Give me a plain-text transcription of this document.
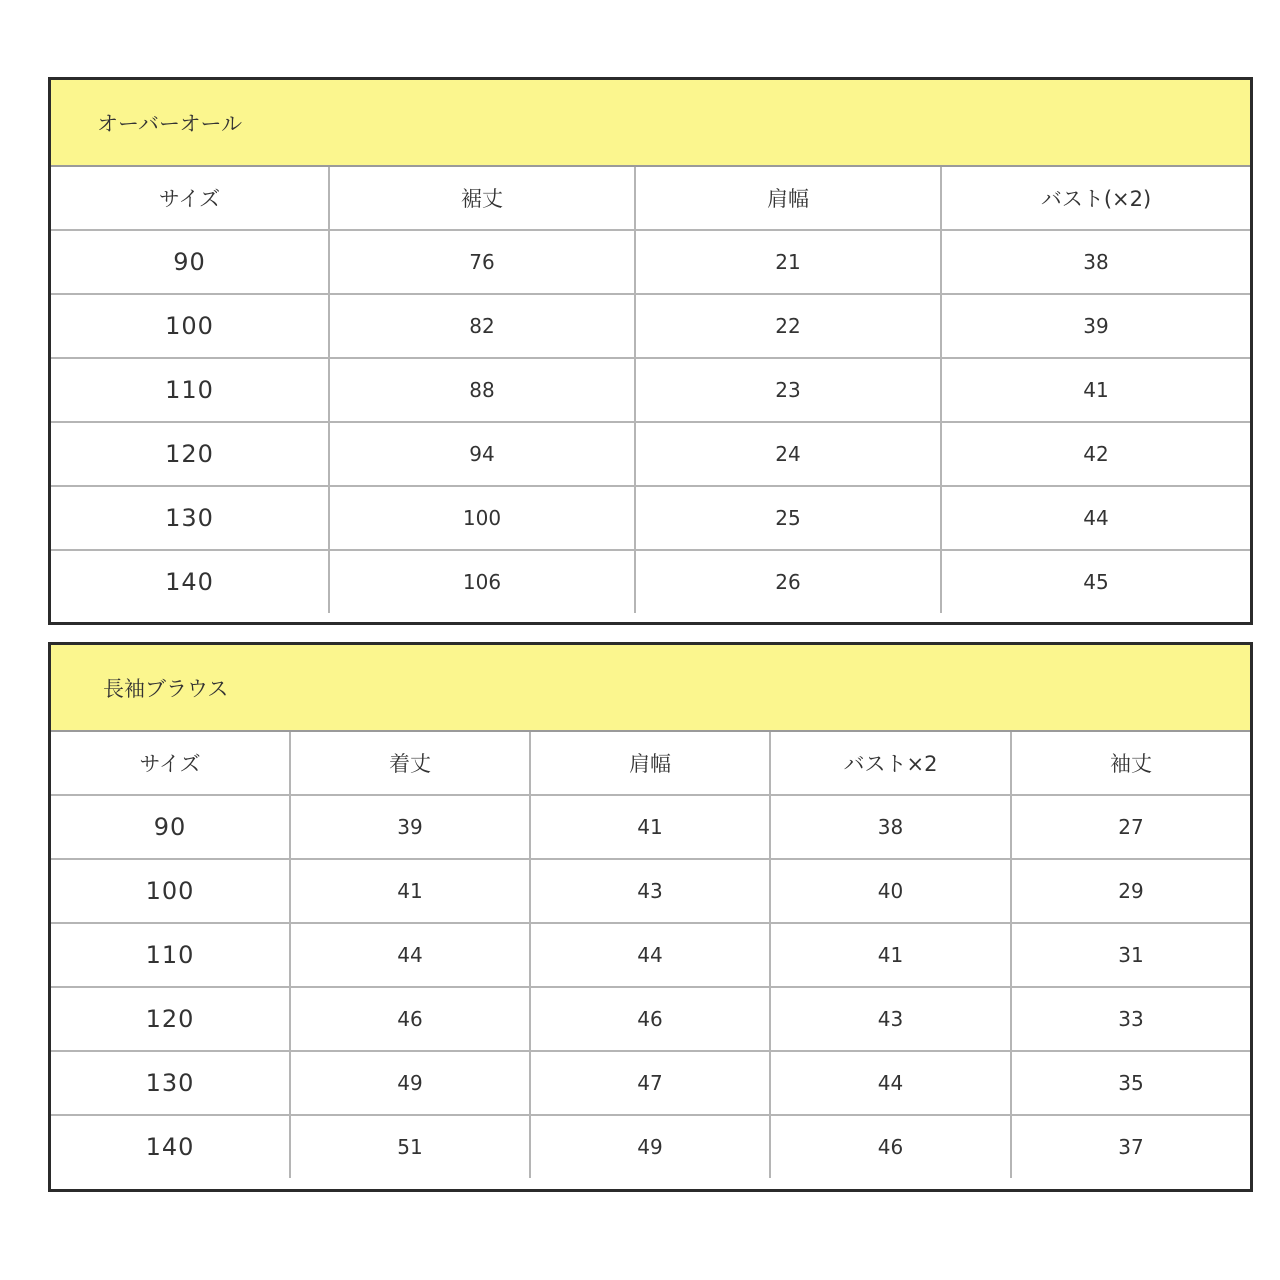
オーバーオール
サイズ	裾丈	肩幅	バスト(×2)
90	76	21	38
100	82	22	39
110	88	23	41
120	94	24	42
130	100	25	44
140	106	26	45
長袖ブラウス
サイズ	着丈	肩幅	バスト×2	袖丈
90	39	41	38	27
100	41	43	40	29
110	44	44	41	31
120	46	46	43	33
130	49	47	44	35
140	51	49	46	37
